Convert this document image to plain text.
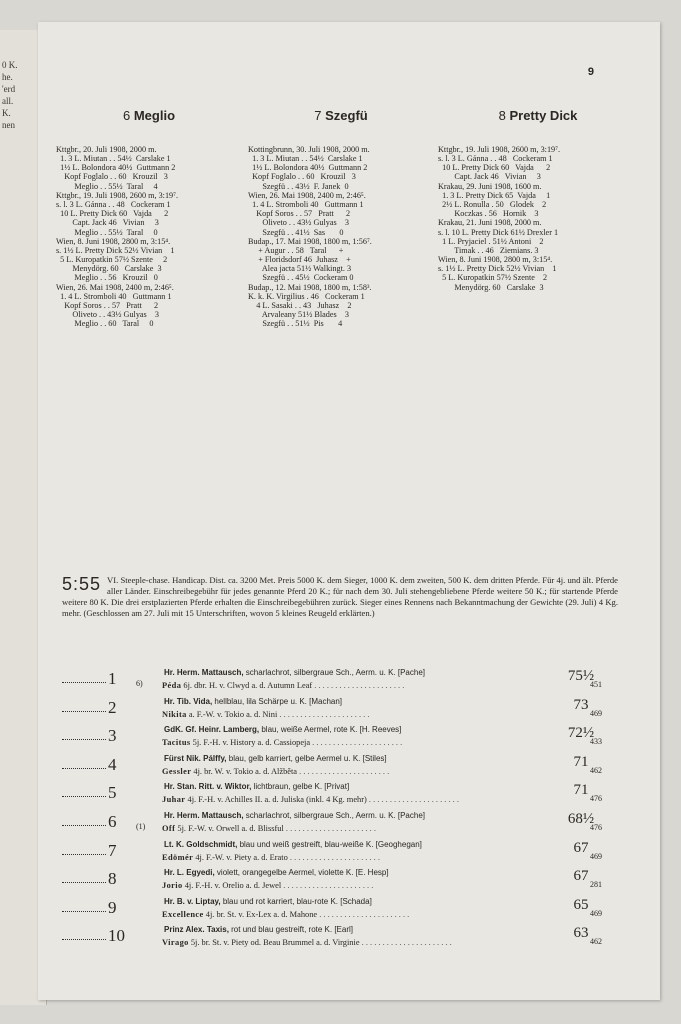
0 K.
he.
'erd
all.
K.
nen
9

6 Meglio

Kttgbr., 20. Juli 1908, 2000 m.
1. 3 L. Miutan . . 54½  Carslake 1
1½ L. Bolondora 40½  Guttmann 2
Kopf Foglalo . . 60   Krouzil   3
Meglio . . 55½  Taral     4
Kttgbr., 19. Juli 1908, 2600 m, 3:19⁷.
s. l. 3 L. Gánna . . 48   Cockeram 1
10 L. Pretty Dick 60   Vajda      2
Capt. Jack 46   Vivian     3
Meglio . . 55½  Taral     0
Wien, 8. Juni 1908, 2800 m, 3:15⁴.
s. 1½ L. Pretty Dick 52½ Vivian    1
5 L. Kuropatkin 57½ Szente     2
Menydörg. 60   Carslake  3
Meglio . . 56   Krouzil   0
Wien, 26. Mai 1908, 2400 m, 2:46⁵.
1. 4 L. Stromboli 40   Guttmann 1
Kopf Soros . . 57   Pratt      2
Oliveto . . 43½ Gulyas    3
Meglio . . 60   Taral     0

7 Szegfü

Kottingbrunn, 30. Juli 1908, 2000 m.
1. 3 L. Miutan . . 54½  Carslake 1
1½ L. Bolondora 40½  Guttmann 2
Kopf Foglalo . . 60   Krouzil   3
Szegfü . . 43½  F. Janek  0
Wien, 26. Mai 1908, 2400 m, 2:46⁵.
1. 4 L. Stromboli 40   Guttmann 1
Kopf Soros . . 57   Pratt      2
Oliveto . . 43½ Gulyas    3
Szegfü . . 41½  Sas       0
Budap., 17. Mai 1908, 1800 m, 1:56⁷.
+ Augur . . 58   Taral      +
+ Floridsdorf 46  Juhasz    +
Alea jacta 51½ Walkingt. 3
Szegfü . . 45½  Cockeram 0
Budap., 12. Mai 1908, 1800 m, 1:58³.
K. k. K. Virgilius . 46   Cockeram 1
4 L. Sasaki . . 43   Juhasz    2
Arvaleany 51½ Blades    3
Szegfü . . 51½  Pis       4

8 Pretty Dick

Kttgbr., 19. Juli 1908, 2600 m, 3:19⁷.
s. l. 3 L. Gánna . . 48   Cockeram 1
10 L. Pretty Dick 60   Vajda      2
Capt. Jack 46   Vivian     3
Krakau, 29. Juni 1908, 1600 m.
1. 3 L. Pretty Dick 65  Vajda     1
2½ L. Ronulla . 50   Glodek    2
Koczkas . 56   Hornik    3
Krakau, 21. Juni 1908, 2000 m.
s. l. 10 L. Pretty Dick 61½ Drexler 1
1 L. Pryjaciel . 51½ Antoni    2
Timak . . 46   Ziemians. 3
Wien, 8. Juni 1908, 2800 m, 3:15⁴.
s. 1½ L. Pretty Dick 52½ Vivian    1
5 L. Kuropatkin 57½ Szente    2
Menydörg. 60   Carslake  3

5:55 VI. Steeple-chase. Handicap. Dist. ca. 3200 Met. Preis 5000 K. dem Sieger, 1000 K. dem zweiten, 500 K. dem dritten Pferde. Für 4j. und ält. Pferde aller Länder. Einschreibegebühr für jedes genannte Pferd 20 K.; für nach dem 30. Juli stehengebliebene Pferde weitere 50 K.; für startende Pferde weitere 80 K. Die drei erstplazierten Pferde erhalten die Einschreibegebühren zurück. Sieger eines Rennens nach Bekanntmachung der Gewichte (29. Juli) 4 Kg. mehr. (Geschlossen am 27. Juli mit 15 Unterschriften, wovon 5 kleines Reugeld erklärten.)
1 6)
Hr. Herm. Mattausch, scharlachrot, silbergraue Sch., Aerm. u. K. [Pache]
Péda 6j. dbr. H. v. Clwyd a. d. Autumn Leaf . . . . . . . . . . . . . . . . . . . . . .	451
75½
2	Hr. Tib. Vida, hellblau, lila Schärpe u. K. [Machan]
Nikita a. F.-W. v. Tokio a. d. Nini . . . . . . . . . . . . . . . . . . . . . .	469
73
3	GdK. Gf. Heinr. Lamberg, blau, weiße Aermel, rote K. [H. Reeves]
Tacitus 5j. F.-H. v. History a. d. Cassiopeja . . . . . . . . . . . . . . . . . . . . . .	433
72½
4	Fürst Nik. Pálffy, blau, gelb karriert, gelbe Aermel u. K. [Stiles]
Gessler 4j. br. W. v. Tokio a. d. Alžběta . . . . . . . . . . . . . . . . . . . . . .	462
71
5	Hr. Stan. Ritt. v. Wiktor, lichtbraun, gelbe K. [Privat]
Juhar 4j. F.-H. v. Achilles II. a. d. Juliska (inkl. 4 Kg. mehr) . . . . . . . . . . . . . . . . . . . . . .	476
71
6 (1)
Hr. Herm. Mattausch, scharlachrot, silbergraue Sch., Aerm. u. K. [Pache]
Off 5j. F.-W. v. Orwell a. d. Blissful . . . . . . . . . . . . . . . . . . . . . .	476
68½
7	Lt. K. Goldschmidt, blau und weiß gestreift, blau-weiße K. [Geoghegan]
Edömér 4j. F.-W. v. Piety a. d. Erato . . . . . . . . . . . . . . . . . . . . . .	469
67
8	Hr. L. Egyedi, violett, orangegelbe Aermel, violette K. [E. Hesp]
Jorio 4j. F.-H. v. Orelio a. d. Jewel . . . . . . . . . . . . . . . . . . . . . .	281
67
9	Hr. B. v. Liptay, blau und rot karriert, blau-rote K. [Schada]
Excellence 4j. br. St. v. Ex-Lex a. d. Mahone . . . . . . . . . . . . . . . . . . . . . .	469
65
10	Prinz Alex. Taxis, rot und blau gestreift, rote K. [Earl]
Virago 5j. br. St. v. Piety od. Beau Brummel a. d. Virginie . . . . . . . . . . . . . . . . . . . . . .	462
63
